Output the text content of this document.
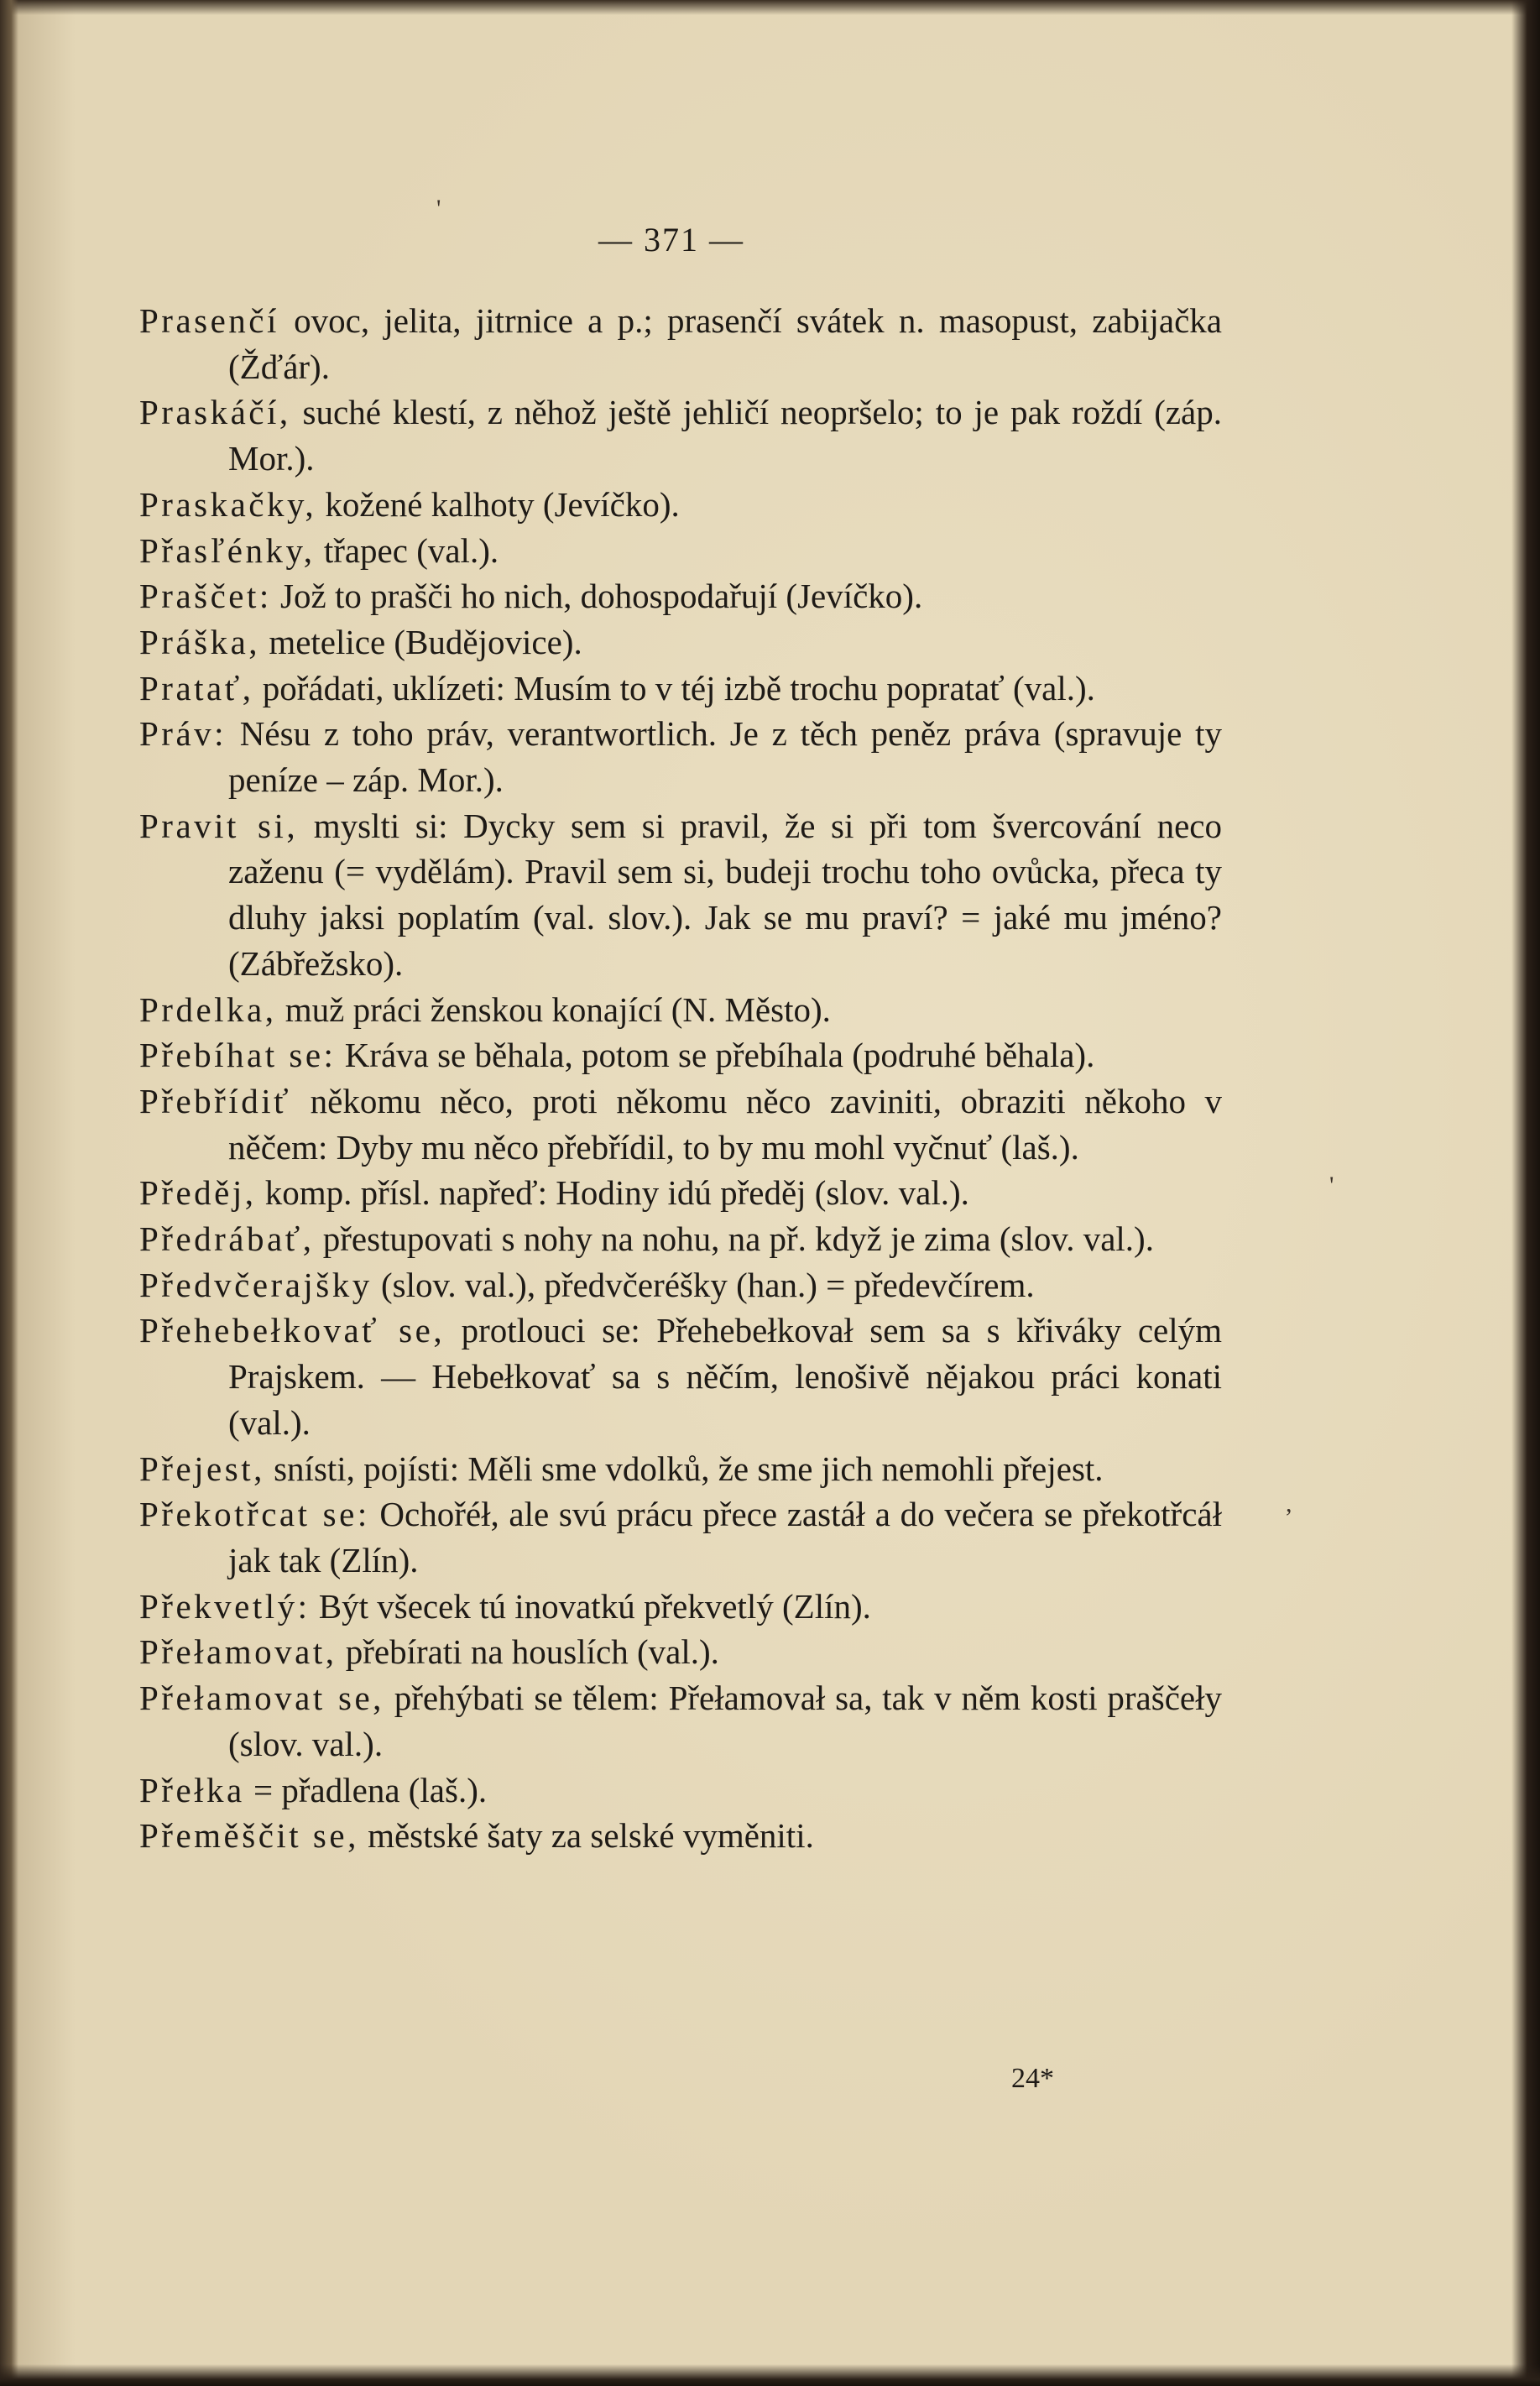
'
'
,
— 371 —

Prasenčí ovoc, jelita, jitrnice a p.; prasenčí svátek n. masopust, zabijačka (Žďár).

Praskáčí, suché klestí, z něhož ještě jehličí neopršelo; to je pak roždí (záp. Mor.).

Praskačky, kožené kalhoty (Jevíčko).

Přasľénky, třapec (val.).

Praščet: Jož to prašči ho nich, dohospodařují (Jevíčko).

Práška, metelice (Budějovice).

Pratať, pořádati, uklízeti: Musím to v téj izbě trochu popratať (val.).

Práv: Nésu z toho práv, verantwortlich. Je z těch peněz práva (spravuje ty peníze – záp. Mor.).

Pravit si, myslti si: Dycky sem si pravil, že si při tom švercování neco zaženu (= vydělám). Pravil sem si, budeji trochu toho ovůcka, přeca ty dluhy jaksi poplatím (val. slov.). Jak se mu praví? = jaké mu jméno? (Zábřežsko).

Prdelka, muž práci ženskou konající (N. Město).

Přebíhat se: Kráva se běhala, potom se přebíhala (podruhé běhala).

Přebřídiť někomu něco, proti někomu něco zaviniti, obraziti někoho v něčem: Dyby mu něco přebřídil, to by mu mohl vyčnuť (laš.).

Předěj, komp. přísl. napřeď: Hodiny idú předěj (slov. val.).

Předrábať, přestupovati s nohy na nohu, na př. když je zima (slov. val.).

Předvčerajšky (slov. val.), předvčeréšky (han.) = předevčírem.

Přehebełkovať se, protlouci se: Přehebełkovał sem sa s křiváky celým Prajskem. — Hebełkovať sa s něčím, lenošivě nějakou práci konati (val.).

Přejest, snísti, pojísti: Měli sme vdolků, že sme jich nemohli přejest.

Překotřcat se: Ochořéł, ale svú prácu přece zastáł a do večera se překotřcáł jak tak (Zlín).

Překvetlý: Být všecek tú inovatkú překvetlý (Zlín).

Přełamovat, přebírati na houslích (val.).

Přełamovat se, přehýbati se tělem: Přełamovał sa, tak v něm kosti praščeły (slov. val.).

Přełka = přadlena (laš.).

Přeměščit se, městské šaty za selské vyměniti.

24*
